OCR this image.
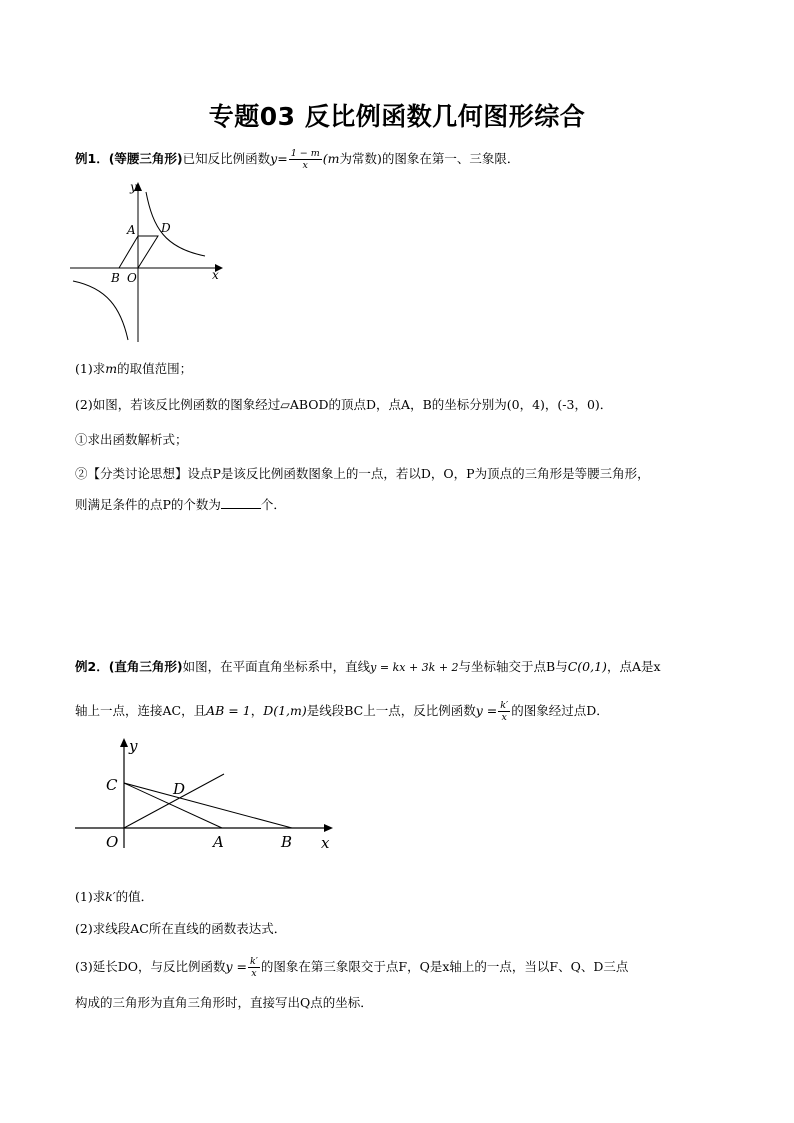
专题03 反比例函数几何图形综合
例1．(等腰三角形)已知反比例函数$y= \frac{1 - m}{x} (m$为常数)的图象在第一、三象限．
y
x
A D
B O
(1)求m的取值范围；
(2)如图，若该反比例函数的图象经过▱ABOD的顶点D，点A，B的坐标分别为(0，4)，(-3，0)．
①求出函数解析式；
②【分类讨论思想】设点P是该反比例函数图象上的一点，若以D，O，P为顶点的三角形是等腰三角形，
则满足条件的点P的个数为	个．
例2．(直角三角形)如图，在平面直角坐标系中，直线y = kx + 3k + 2与坐标轴交于点B与C(0,1)，点A是x
轴上一点，连接AC，且AB = 1，D(1,m)是线段BC上一点，反比例函数$y = \frac{k'}{x}$ 的图象经过点D．
y
x
C	D
O	A	B
(1)求k′的值．
(2)求线段AC所在直线的函数表达式．
(3)延长DO，与反比例函数$y = \frac{k'}{x}$ 的图象在第三象限交于点F，Q是x轴上的一点，当以F、Q、D三点
构成的三角形为直角三角形时，直接写出Q点的坐标．
